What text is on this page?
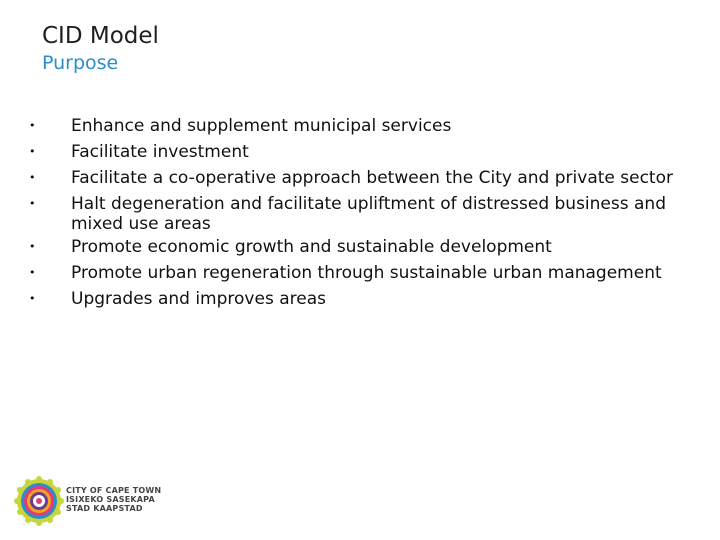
CID Model
Purpose
• Enhance and supplement municipal services
• Facilitate investment
• Facilitate a co-operative approach between the City and private sector
• Halt degeneration and facilitate upliftment of distressed business and mixed use areas
• Promote economic growth and sustainable development
• Promote urban regeneration through sustainable urban management
• Upgrades and improves areas
CITY OF CAPE TOWN
ISIXEKO SASEKAPA
STAD KAAPSTAD
